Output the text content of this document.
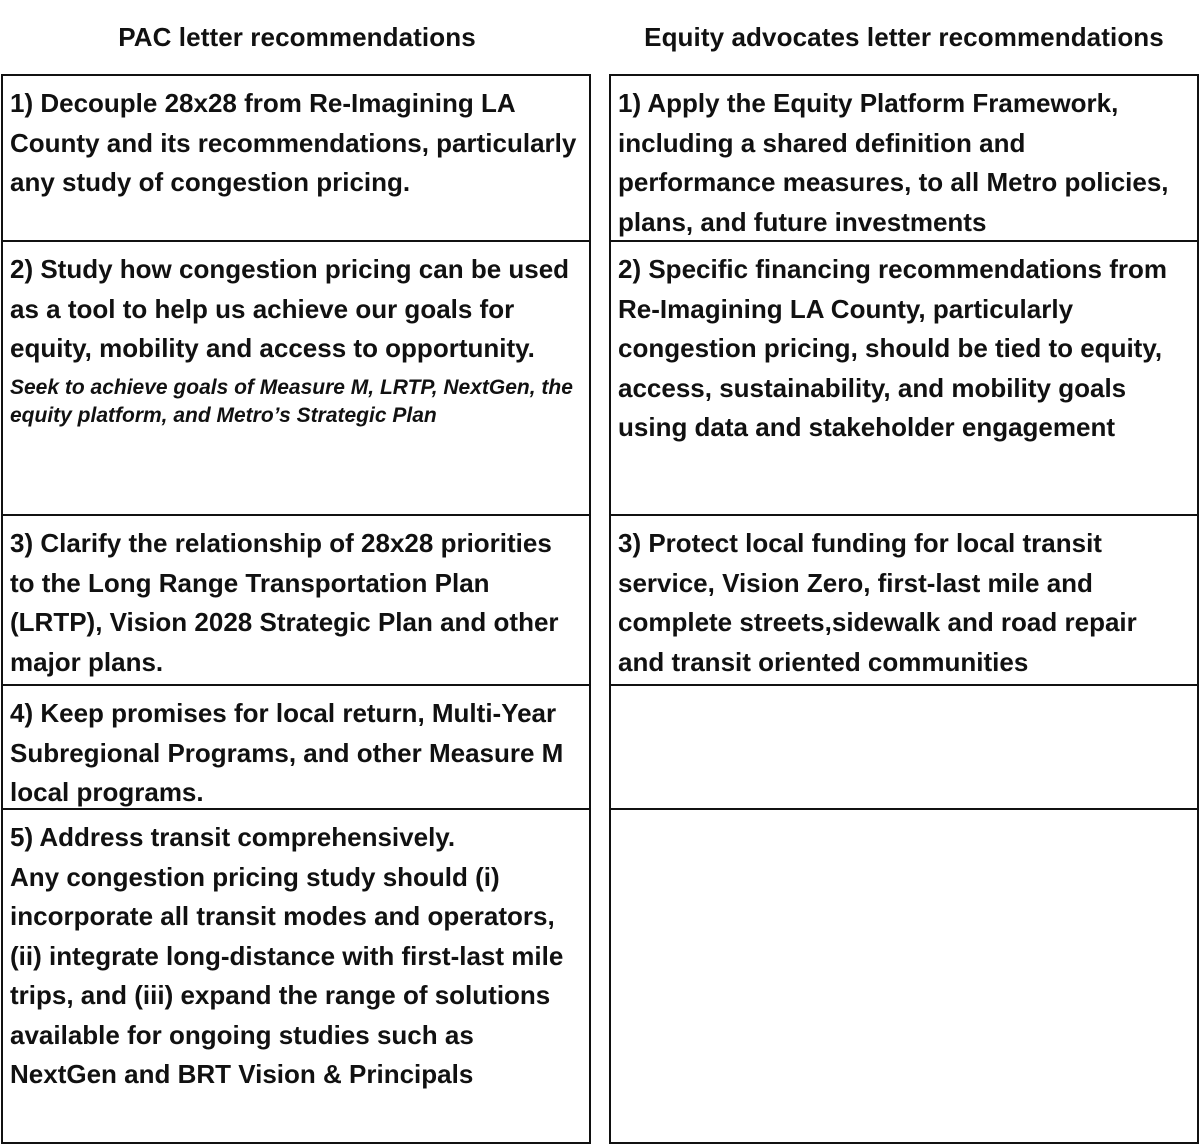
PAC letter recommendations	Equity advocates letter recommendations
1) Decouple 28x28 from Re-Imagining LA County and its recommendations, particularly any study of congestion pricing.
2) Study how congestion pricing can be used as a tool to help us achieve our goals for equity, mobility and access to opportunity.
Seek to achieve goals of Measure M, LRTP, NextGen, the equity platform, and Metro’s Strategic Plan
3) Clarify the relationship of 28x28 priorities to the Long Range Transportation Plan (LRTP), Vision 2028 Strategic Plan and other major plans.
4) Keep promises for local return, Multi-Year Subregional Programs, and other Measure M local programs.
5) Address transit comprehensively.
Any congestion pricing study should (i) incorporate all transit modes and operators, (ii) integrate long-distance with first-last mile trips, and (iii) expand the range of solutions available for ongoing studies such as NextGen and BRT Vision & Principals
1) Apply the Equity Platform Framework, including a shared definition and performance measures, to all Metro policies, plans, and future investments
2) Specific financing recommendations from Re-Imagining LA County, particularly congestion pricing, should be tied to equity, access, sustainability, and mobility goals using data and stakeholder engagement
3) Protect local funding for local transit service, Vision Zero, first-last mile and complete streets,sidewalk and road repair and transit oriented communities
